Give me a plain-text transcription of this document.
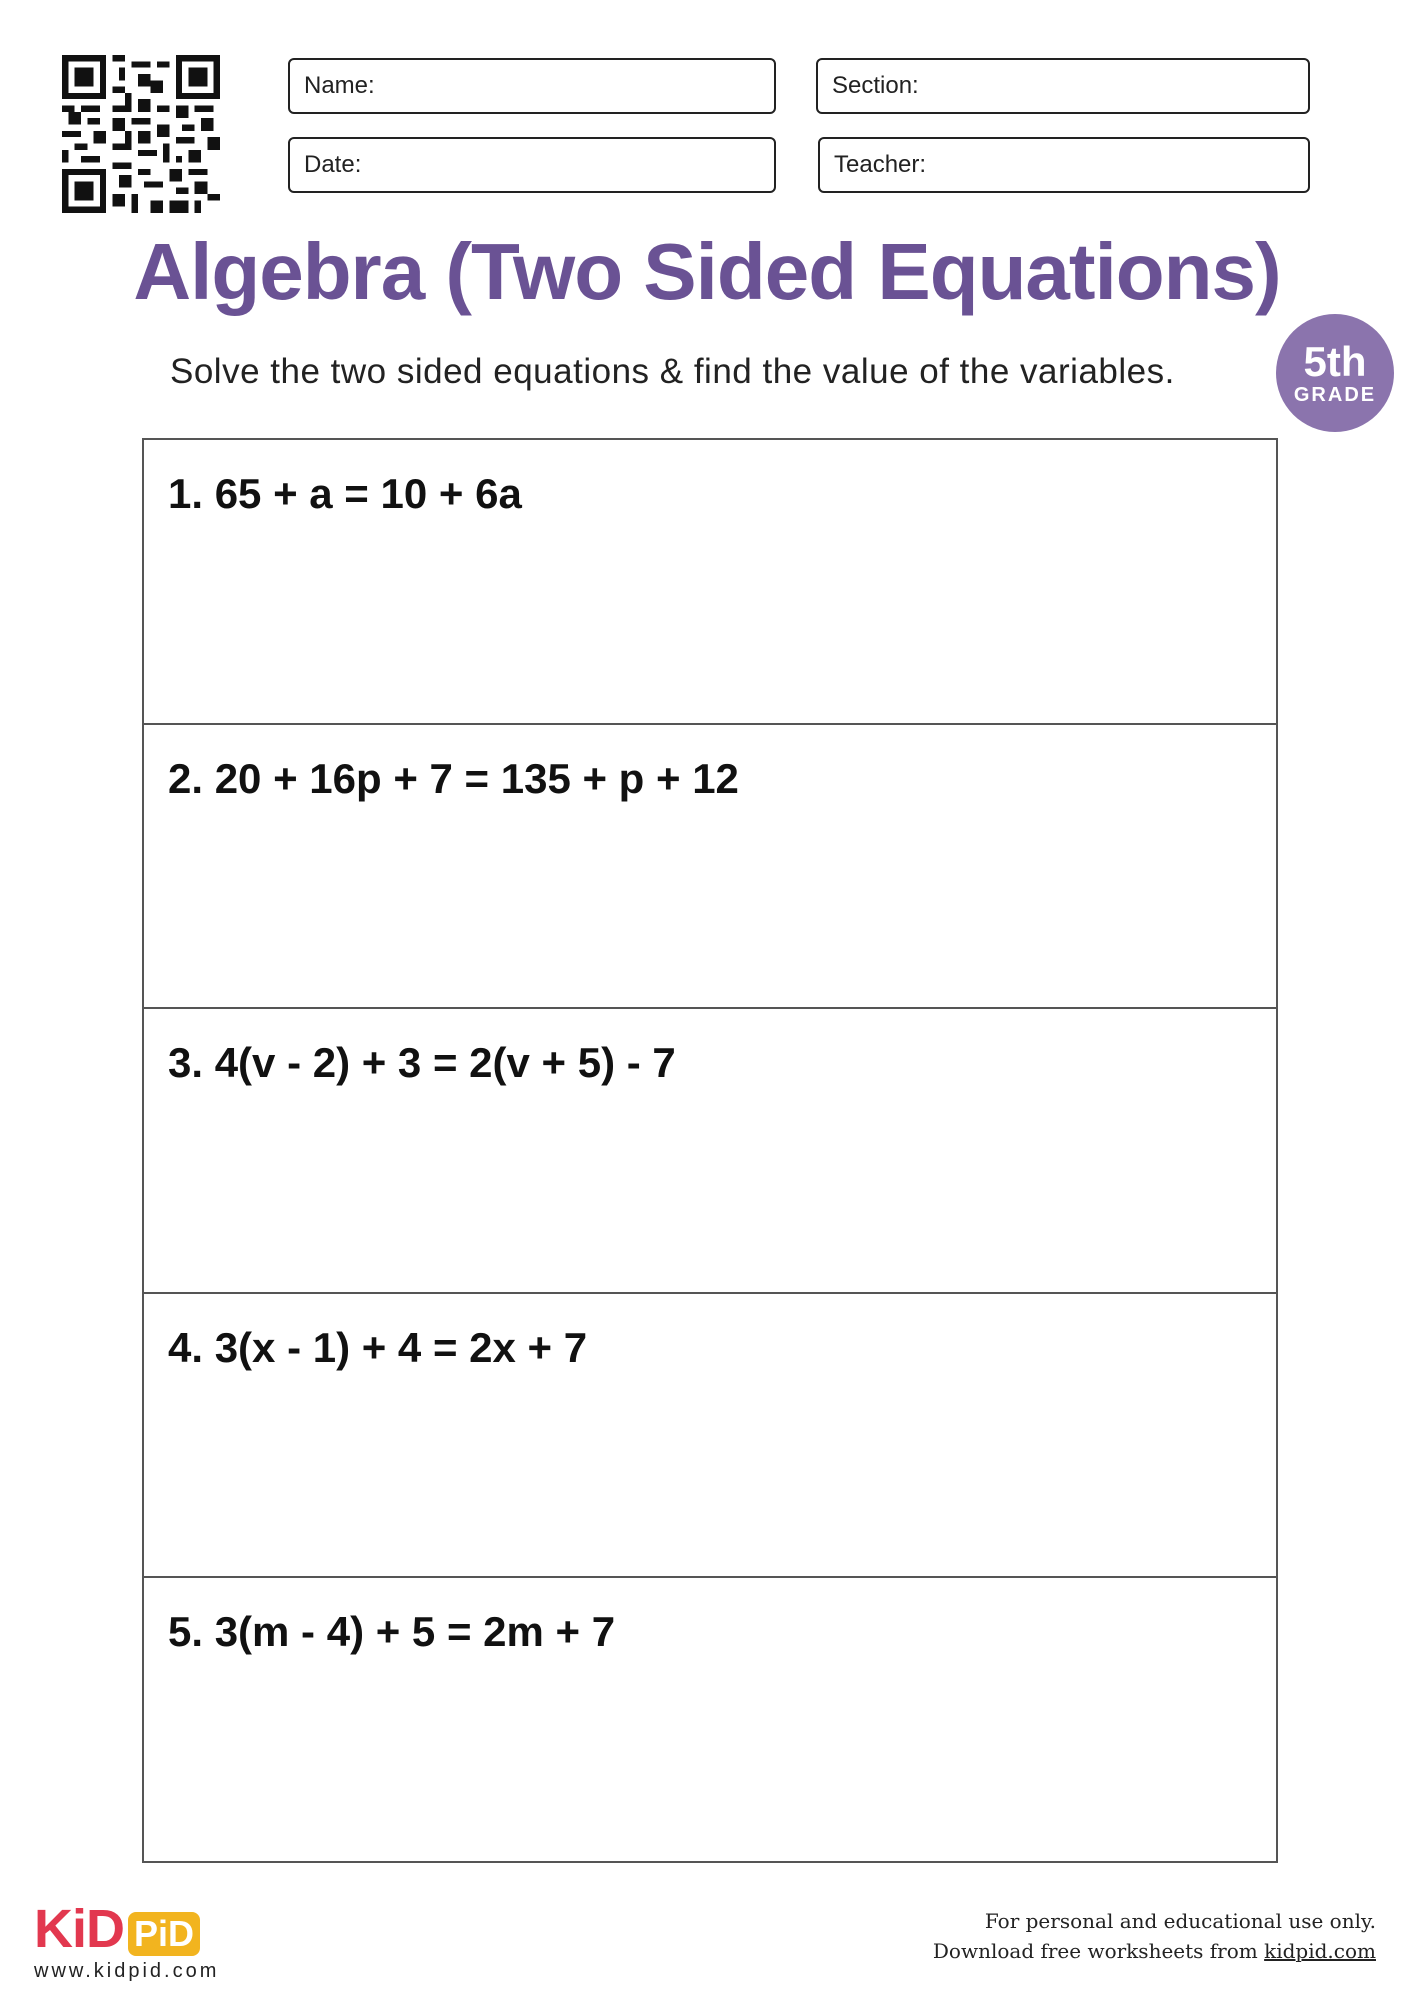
Name:	Section:
Date:	Teacher:
Algebra (Two Sided Equations)
Solve the two sided equations & find the value of the variables.	5th
GRADE
1. 65 + a = 10 + 6a
2. 20 + 16p + 7 = 135 + p + 12
3. 4(v - 2) + 3 = 2(v + 5) - 7
4. 3(x - 1) + 4 = 2x + 7
5. 3(m - 4) + 5 = 2m + 7
KiD PiD
www.kidpid.com
For personal and educational use only.
Download free worksheets from kidpid.com
